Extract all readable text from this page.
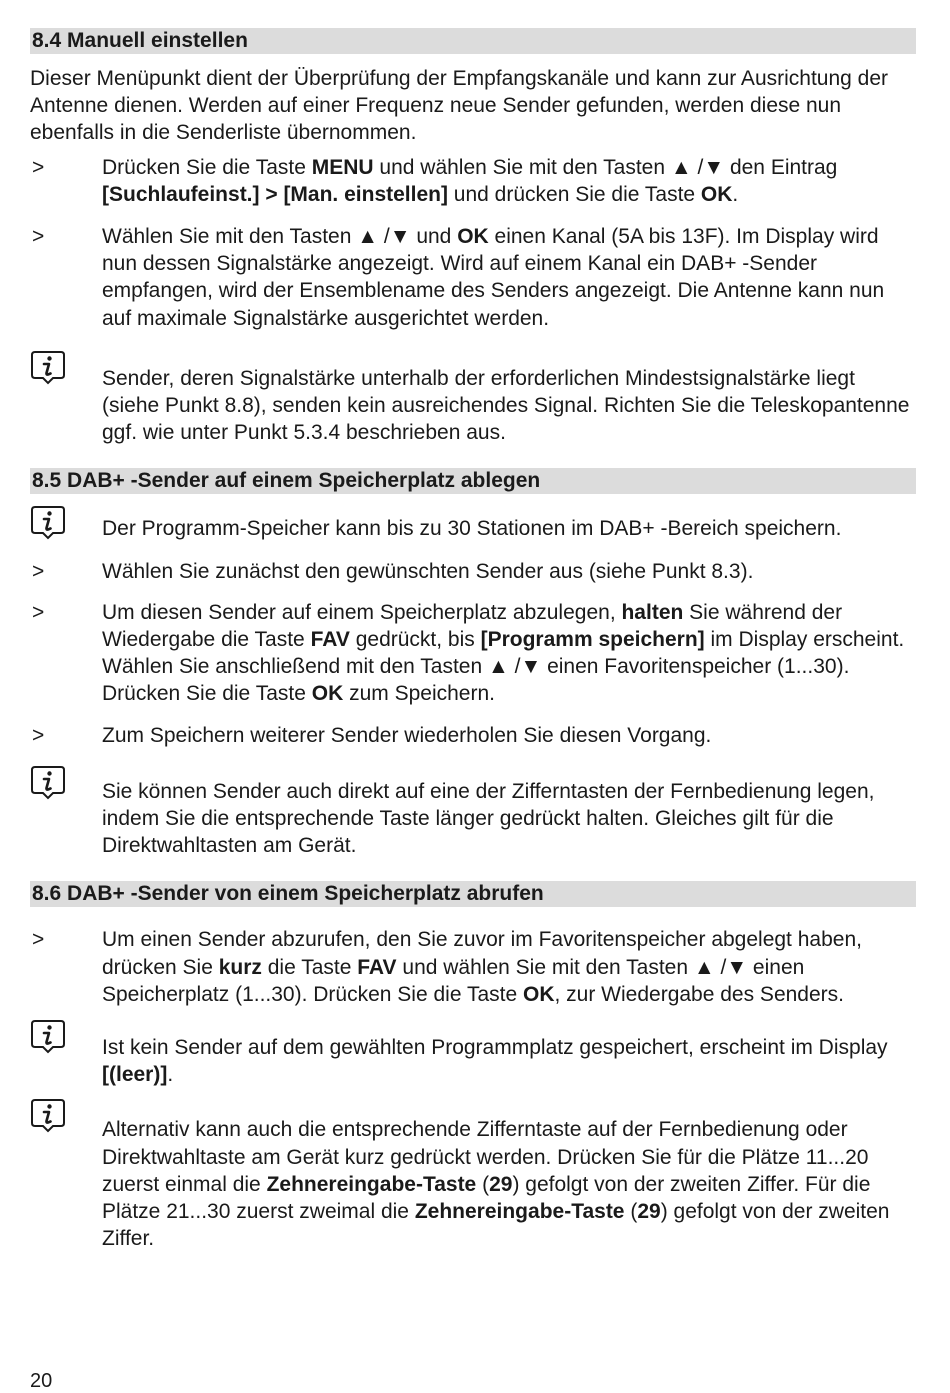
8.4 Manuell einstellen
Dieser Menüpunkt dient der Überprüfung der Empfangskanäle und kann zur Ausrichtung der Antenne dienen. Werden auf einer Frequenz neue Sender gefunden, werden diese nun ebenfalls in die Senderliste übernommen.
>	Drücken Sie die Taste MENU und wählen Sie mit den Tasten ▲ /▼ den Eintrag [Suchlaufeinst.] > [Man. einstellen] und drücken Sie die Taste OK.
>	Wählen Sie mit den Tasten ▲ /▼ und OK einen Kanal (5A bis 13F). Im Display wird nun dessen Signalstärke angezeigt. Wird auf einem Kanal ein DAB+ -Sender empfangen, wird der Ensemblename des Senders angezeigt. Die Antenne kann nun auf maximale Signalstärke ausgerichtet werden.
Sender, deren Signalstärke unterhalb der erforderlichen Mindestsignalstärke liegt (siehe Punkt 8.8), senden kein ausreichendes Signal. Richten Sie die Teleskopantenne ggf. wie unter Punkt 5.3.4 beschrieben aus.
8.5 DAB+ -Sender auf einem Speicherplatz ablegen
Der Programm-Speicher kann bis zu 30 Stationen im DAB+ -Bereich speichern.
>	Wählen Sie zunächst den gewünschten Sender aus (siehe Punkt 8.3).
>	Um diesen Sender auf einem Speicherplatz abzulegen, halten Sie während der Wiedergabe die Taste FAV gedrückt, bis [Programm speichern] im Display erscheint. Wählen Sie anschließend mit den Tasten ▲ /▼ einen Favoritenspeicher (1...30). Drücken Sie die Taste OK zum Speichern.
>	Zum Speichern weiterer Sender wiederholen Sie diesen Vorgang.
Sie können Sender auch direkt auf eine der Zifferntasten der Fernbedienung legen, indem Sie die entsprechende Taste länger gedrückt halten. Gleiches gilt für die Direktwahltasten am Gerät.
8.6 DAB+ -Sender von einem Speicherplatz abrufen
>	Um einen Sender abzurufen, den Sie zuvor im Favoritenspeicher abgelegt haben, drücken Sie kurz die Taste FAV und wählen Sie mit den Tasten ▲ /▼ einen Speicherplatz (1...30). Drücken Sie die Taste OK, zur Wiedergabe des Senders.
Ist kein Sender auf dem gewählten Programmplatz gespeichert, erscheint im Display [(leer)].
Alternativ kann auch die entsprechende Zifferntaste auf der Fernbedienung oder Direktwahltaste am Gerät kurz gedrückt werden. Drücken Sie für die Plätze 11...20 zuerst einmal die Zehnereingabe-Taste (29) gefolgt von der zweiten Ziffer. Für die Plätze 21...30 zuerst zweimal die Zehnereingabe-Taste (29) gefolgt von der zweiten Ziffer.
20
